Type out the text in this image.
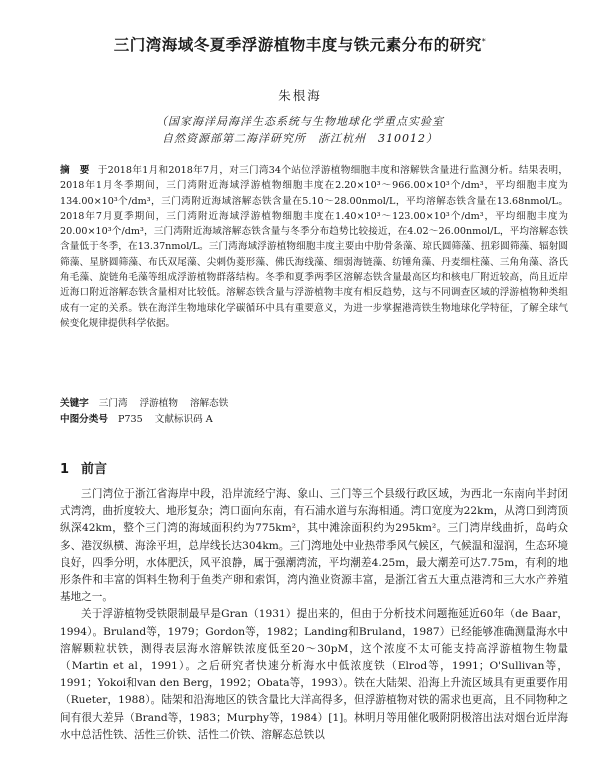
三门湾海域冬夏季浮游植物丰度与铁元素分布的研究*
朱根海
（国家海洋局海洋生态系统与生物地球化学重点实验室
自然资源部第二海洋研究所　浙江杭州　310012）
摘　要 于2018年1月和2018年7月，对三门湾34个站位浮游植物细胞丰度和溶解铁含量进行监测分析。结果表明，2018年1月冬季期间，三门湾附近海域浮游植物细胞丰度在2.20×10³～966.00×10³个/dm³，平均细胞丰度为134.00×10³个/dm³，三门湾附近海域溶解态铁含量在5.10～28.00nmol/L，平均溶解态铁含量在13.68nmol/L。2018年7月夏季期间，三门湾附近海域浮游植物细胞丰度在1.40×10³～123.00×10³个/dm³，平均细胞丰度为20.00×10³个/dm³，三门湾附近海域溶解态铁含量与冬季分布趋势比较接近，在4.02～26.00nmol/L，平均溶解态铁含量低于冬季，在13.37nmol/L。三门湾海域浮游植物细胞丰度主要由中肋骨条藻、琼氏圆筛藻、扭彩圆筛藻、辐射圆筛藻、星脐圆筛藻、布氏双尾藻、尖刺伪菱形藻、佛氏海线藻、细弱海链藻、纺锤角藻、丹麦细柱藻、三角角藻、洛氏角毛藻、旋链角毛藻等组成浮游植物群落结构。冬季和夏季两季区溶解态铁含量最高区均和核电厂附近较高，尚且近岸近海口附近溶解态铁含量相对比较低。溶解态铁含量与浮游植物丰度有相反趋势，这与不同调查区域的浮游植物种类组成有一定的关系。铁在海洋生物地球化学碳循环中具有重要意义，为进一步掌握港湾铁生物地球化学特征，了解全球气候变化规律提供科学依据。
关键字 三门湾 浮游植物 溶解态铁
中图分类号 P735 文献标识码 A
1 前言

三门湾位于浙江省海岸中段，沿岸流经宁海、象山、三门等三个县级行政区域，为西北一东南向半封闭式湾湾，曲折度较大、地形复杂；湾口面向东南，有石浦水道与东海相通。湾口宽度为22km，从湾口到湾顶纵深42km，整个三门湾的海域面积约为775km²，其中滩涂面积约为295km²。三门湾岸线曲折，岛屿众多、港汊纵横、海涂平坦，总岸线长达304km。三门湾地处中业热带季风气候区，气候温和湿润，生态环境良好，四季分明，水体肥沃，风平浪静，属于强潮湾流，平均潮差4.25m，最大潮差可达7.75m，有利的地形条件和丰富的饵料生物利于鱼类产卵和索饵，湾内渔业资源丰富，是浙江省五大重点港湾和三大水产养殖基地之一。

关于浮游植物受铁限制最早是Gran（1931）提出来的，但由于分析技术问题拖延近60年（de Baar，1994）。Bruland等，1979；Gordon等，1982；Landing和Bruland，1987）已经能够准确测量海水中溶解颗粒状铁，测得表层海水溶解铁浓度低至20～30pM，这个浓度不太可能支持高浮游植物生物量（Martin et al，1991）。之后研究者快速分析海水中低浓度铁（Elrod等，1991；O'Sullivan等，1991；Yokoi和van den Berg，1992；Obata等，1993）。铁在大陆架、沿海上升流区域具有更重要作用（Rueter，1988）。陆架和沿海地区的铁含量比大洋高得多，但浮游植物对铁的需求也更高，且不同物种之间有很大差异（Brand等，1983；Murphy等，1984）[1]。林明月等用催化吸附阴极溶出法对烟台近岸海水中总活性铁、活性三价铁、活性二价铁、溶解态总铁以
